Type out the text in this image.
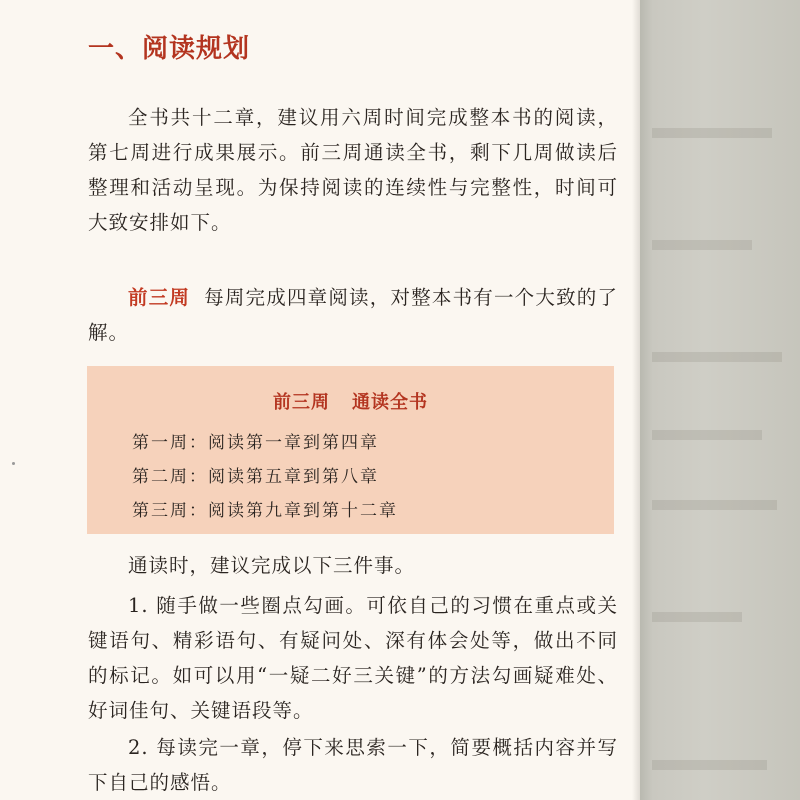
一、阅读规划
全书共十二章，建议用六周时间完成整本书的阅读，第七周进行成果展示。前三周通读全书，剩下几周做读后整理和活动呈现。为保持阅读的连续性与完整性，时间可大致安排如下。
前三周 每周完成四章阅读，对整本书有一个大致的了解。
前三周 通读全书
第一周：阅读第一章到第四章
第二周：阅读第五章到第八章
第三周：阅读第九章到第十二章
通读时，建议完成以下三件事。
1. 随手做一些圈点勾画。可依自己的习惯在重点或关键语句、精彩语句、有疑问处、深有体会处等，做出不同的标记。如可以用“一疑二好三关键”的方法勾画疑难处、好词佳句、关键语段等。
2. 每读完一章，停下来思索一下，简要概括内容并写下自己的感悟。
